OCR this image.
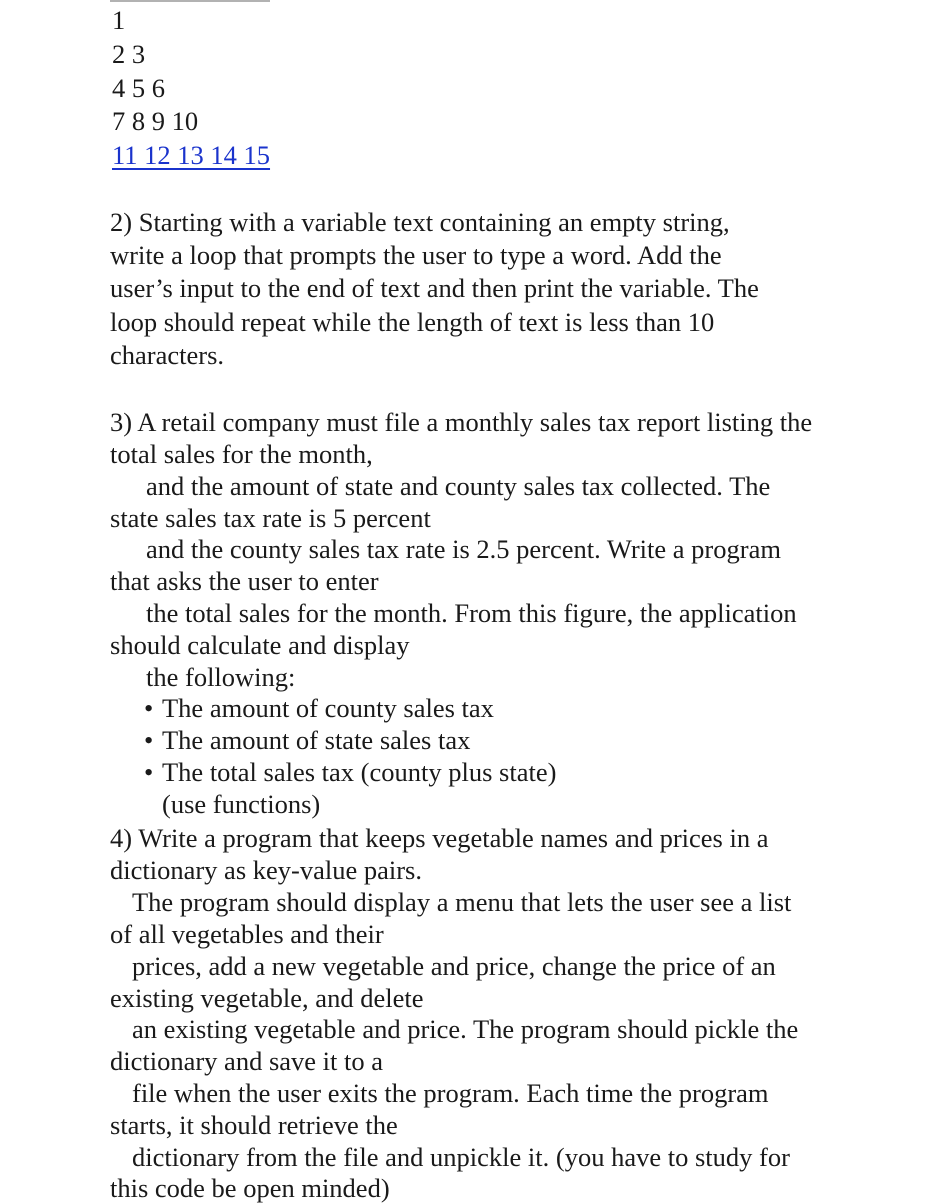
1
2 3
4 5 6
7 8 9 10
11 12 13 14 15
2) Starting with a variable text containing an empty string,
write a loop that prompts the user to type a word. Add the
user’s input to the end of text and then print the variable. The
loop should repeat while the length of text is less than 10
characters.
3) A retail company must file a monthly sales tax report listing the
total sales for the month,
and the amount of state and county sales tax collected. The
state sales tax rate is 5 percent
and the county sales tax rate is 2.5 percent. Write a program
that asks the user to enter
the total sales for the month. From this figure, the application
should calculate and display
the following:
• The amount of county sales tax
• The amount of state sales tax
• The total sales tax (county plus state)
(use functions)
4) Write a program that keeps vegetable names and prices in a
dictionary as key-value pairs.
The program should display a menu that lets the user see a list
of all vegetables and their
prices, add a new vegetable and price, change the price of an
existing vegetable, and delete
an existing vegetable and price. The program should pickle the
dictionary and save it to a
file when the user exits the program. Each time the program
starts, it should retrieve the
dictionary from the file and unpickle it. (you have to study for
this code be open minded)
